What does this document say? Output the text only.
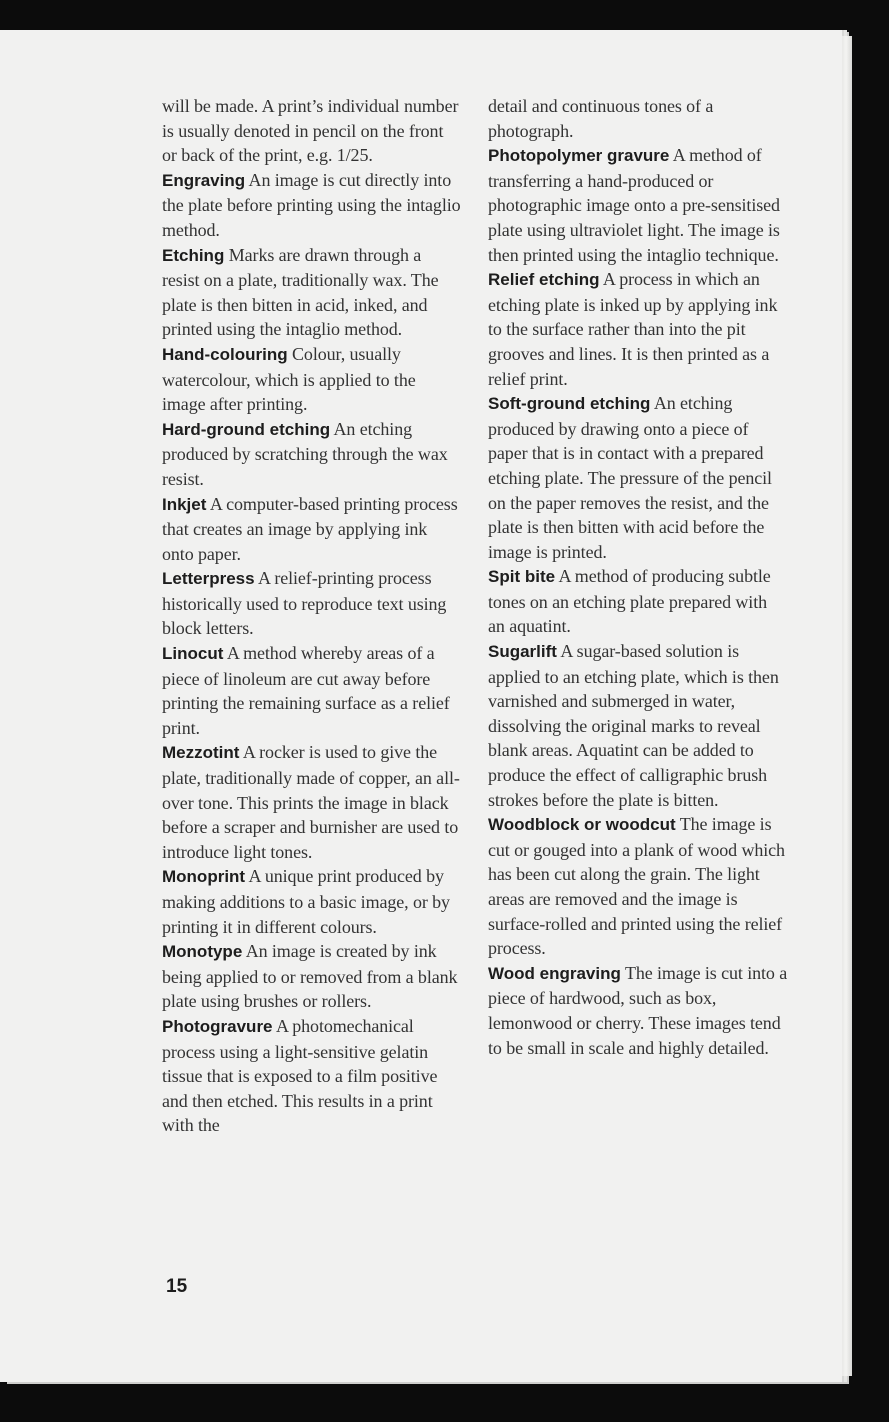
will be made. A print’s individual number is usually denoted in pencil on the front or back of the print, e.g. 1/25.
Engraving An image is cut directly into the plate before printing using the intaglio method.
Etching Marks are drawn through a resist on a plate, traditionally wax. The plate is then bitten in acid, inked, and printed using the intaglio method.
Hand-colouring Colour, usually watercolour, which is applied to the image after printing.
Hard-ground etching An etching produced by scratching through the wax resist.
Inkjet A computer-based printing process that creates an image by applying ink onto paper.
Letterpress A relief-printing process historically used to reproduce text using block letters.
Linocut A method whereby areas of a piece of linoleum are cut away before printing the remaining surface as a relief print.
Mezzotint A rocker is used to give the plate, traditionally made of copper, an all-over tone. This prints the image in black before a scraper and burnisher are used to introduce light tones.
Monoprint A unique print produced by making additions to a basic image, or by printing it in different colours.
Monotype An image is created by ink being applied to or removed from a blank plate using brushes or rollers.
Photogravure A photomechanical process using a light-sensitive gelatin tissue that is exposed to a film positive and then etched. This results in a print with the
detail and continuous tones of a photograph.
Photopolymer gravure A method of transferring a hand-produced or photographic image onto a pre-sensitised plate using ultraviolet light. The image is then printed using the intaglio technique.
Relief etching A process in which an etching plate is inked up by applying ink to the surface rather than into the pit grooves and lines. It is then printed as a relief print.
Soft-ground etching An etching produced by drawing onto a piece of paper that is in contact with a prepared etching plate. The pressure of the pencil on the paper removes the resist, and the plate is then bitten with acid before the image is printed.
Spit bite A method of producing subtle tones on an etching plate prepared with an aquatint.
Sugarlift A sugar-based solution is applied to an etching plate, which is then varnished and submerged in water, dissolving the original marks to reveal blank areas. Aquatint can be added to produce the effect of calligraphic brush strokes before the plate is bitten.
Woodblock or woodcut The image is cut or gouged into a plank of wood which has been cut along the grain. The light areas are removed and the image is surface-rolled and printed using the relief process.
Wood engraving The image is cut into a piece of hardwood, such as box, lemonwood or cherry. These images tend to be small in scale and highly detailed.
15
